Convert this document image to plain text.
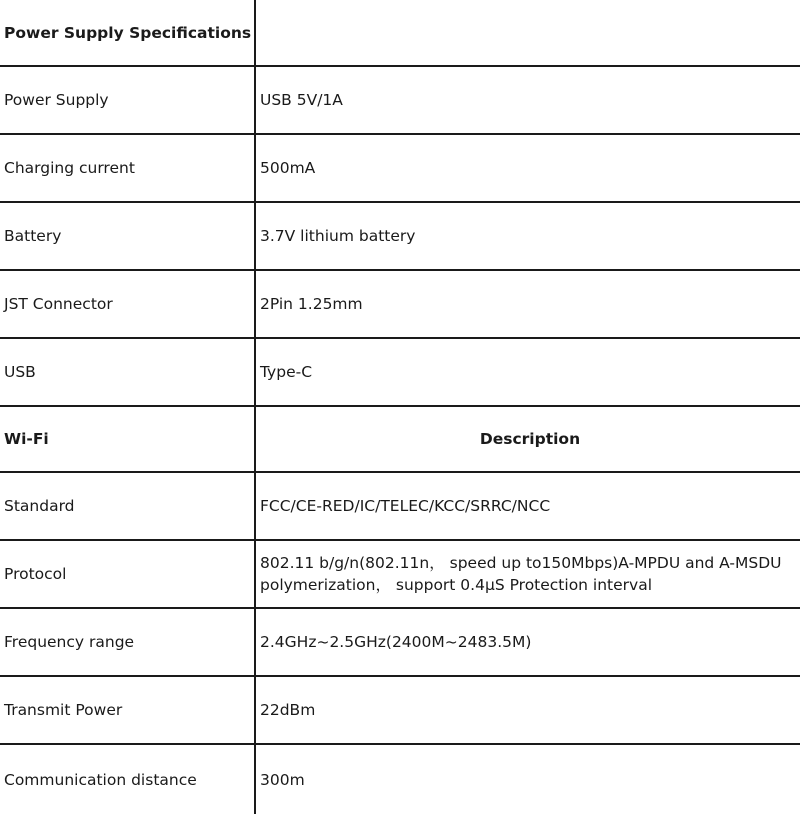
Power Supply Specifications	
Power Supply	USB 5V/1A
Charging current	500mA
Battery	3.7V lithium battery
JST Connector	2Pin 1.25mm
USB	Type-C
Wi-Fi	Description
Standard	FCC/CE-RED/IC/TELEC/KCC/SRRC/NCC
Protocol	802.11 b/g/n(802.11n， speed up to150Mbps)A-MPDU and A-MSDU polymerization， support 0.4μS Protection interval
Frequency range	2.4GHz~2.5GHz(2400M~2483.5M)
Transmit Power	22dBm
Communication distance	300m
